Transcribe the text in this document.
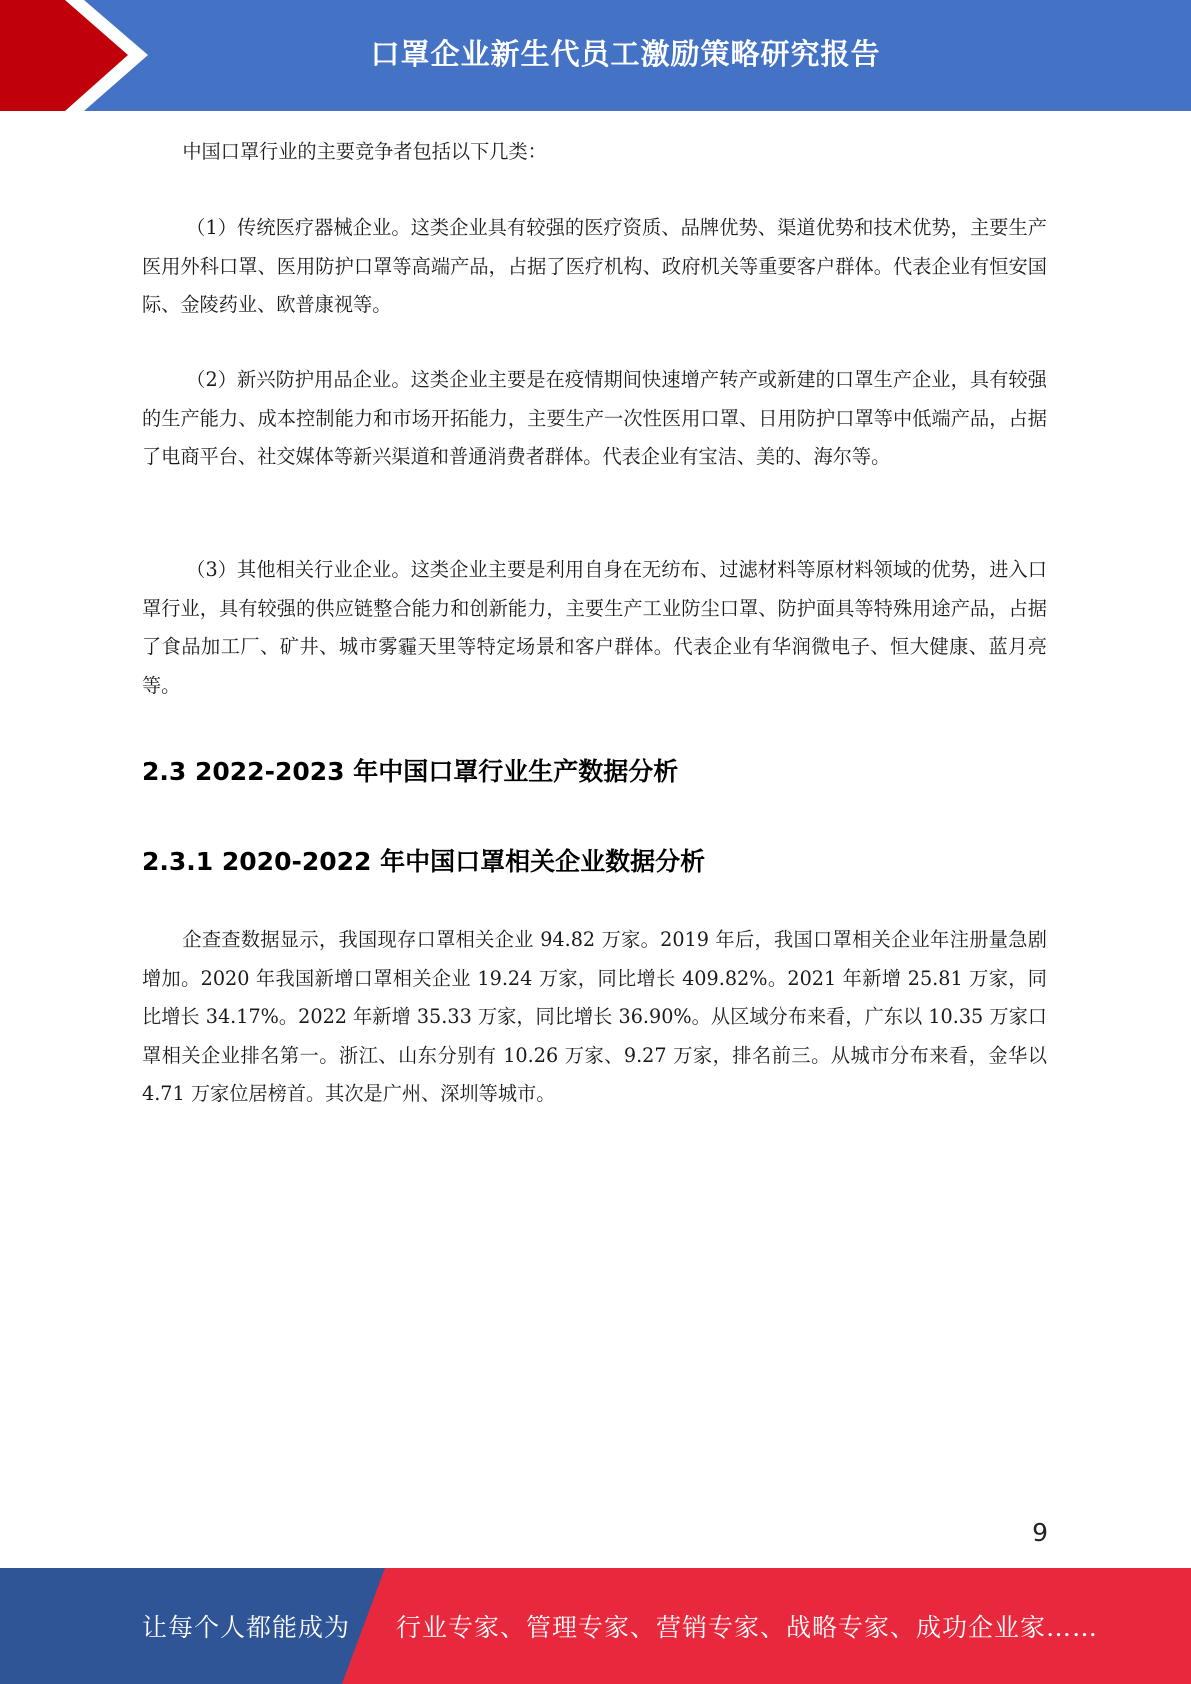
口罩企业新生代员工激励策略研究报告

中国口罩行业的主要竞争者包括以下几类：

（1）传统医疗器械企业。这类企业具有较强的医疗资质、品牌优势、渠道优势和技术优势，主要生产医用外科口罩、医用防护口罩等高端产品，占据了医疗机构、政府机关等重要客户群体。代表企业有恒安国际、金陵药业、欧普康视等。

（2）新兴防护用品企业。这类企业主要是在疫情期间快速增产转产或新建的口罩生产企业，具有较强的生产能力、成本控制能力和市场开拓能力，主要生产一次性医用口罩、日用防护口罩等中低端产品，占据了电商平台、社交媒体等新兴渠道和普通消费者群体。代表企业有宝洁、美的、海尔等。

（3）其他相关行业企业。这类企业主要是利用自身在无纺布、过滤材料等原材料领域的优势，进入口罩行业，具有较强的供应链整合能力和创新能力，主要生产工业防尘口罩、防护面具等特殊用途产品，占据了食品加工厂、矿井、城市雾霾天里等特定场景和客户群体。代表企业有华润微电子、恒大健康、蓝月亮等。

2.3 2022-2023 年中国口罩行业生产数据分析
2.3.1 2020-2022 年中国口罩相关企业数据分析

企查查数据显示，我国现存口罩相关企业 94.82 万家。2019 年后，我国口罩相关企业年注册量急剧增加。2020 年我国新增口罩相关企业 19.24 万家，同比增长 409.82%。2021 年新增 25.81 万家，同比增长 34.17%。2022 年新增 35.33 万家，同比增长 36.90%。从区域分布来看，广东以 10.35 万家口罩相关企业排名第一。浙江、山东分别有 10.26 万家、9.27 万家，排名前三。从城市分布来看，金华以 4.71 万家位居榜首。其次是广州、深圳等城市。

9
让每个人都能成为 行业专家、管理专家、营销专家、战略专家、成功企业家……
